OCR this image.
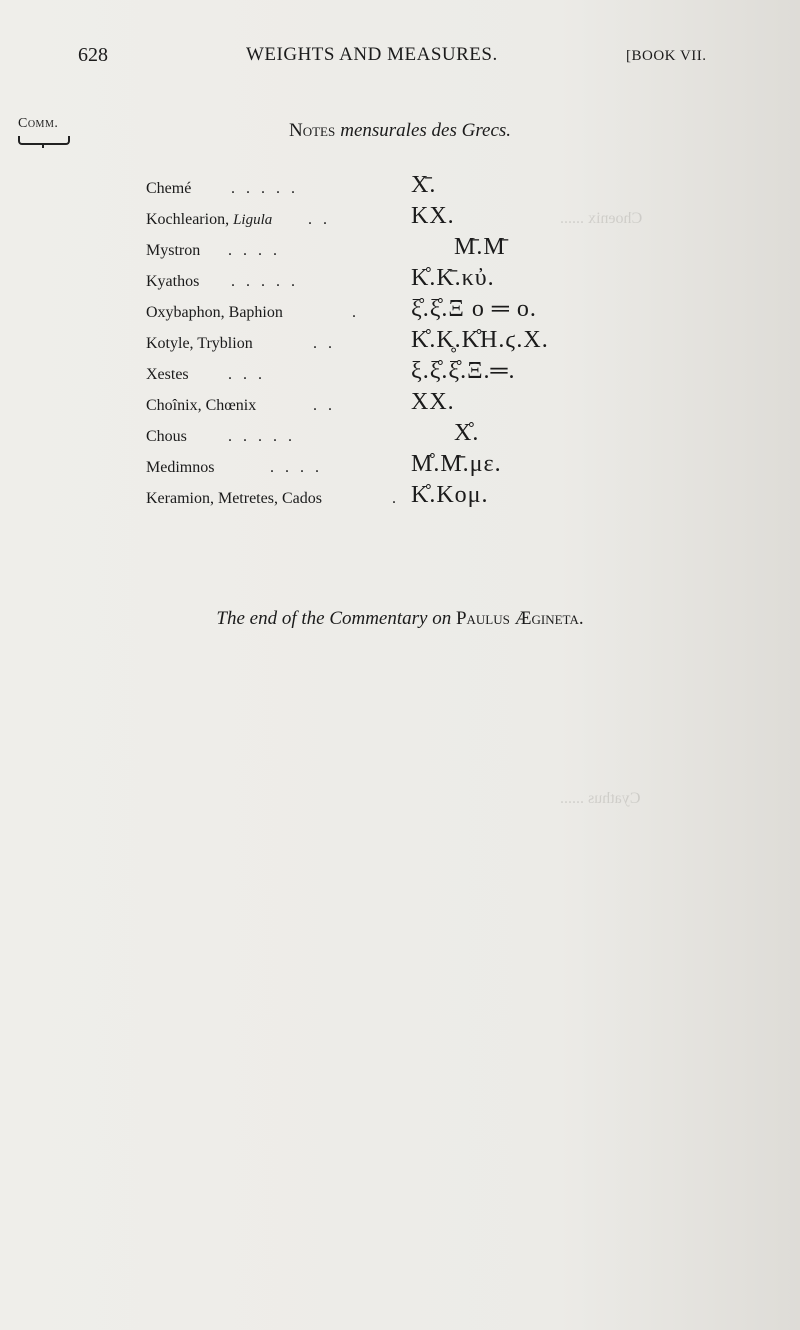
Choenix ......
Cyathus ......
628	WEIGHTS AND MEASURES.	[BOOK VII.
Comm.	Notes mensurales des Grecs.
Chemé .....	Χ̄.
Kochlearion, Ligula ..	ΚΧ.
Mystron ....	Μ̄.Μ̄
Kyathos .....	Κ̊.Κ̄.κὐ.
Oxybaphon, Baphion	. ξ̊.ξ̊.Ξ ο ═ ο.
Kotyle, Tryblion	..	Κ̊.Κ̥.Κ̊Η.ϛ.Χ.
Xestes ...	ξ.ξ̊.ξ̊.Ξ.═.
Choînix, Chœnix	..	ΧΧ.
Chous	.....	Χ̊.
Medimnos	....	Μ̊.Μ̄.με.
Keramion, Metretes, Cados	. Κ̊.Κομ.
The end of the Commentary on Paulus Ægineta.
